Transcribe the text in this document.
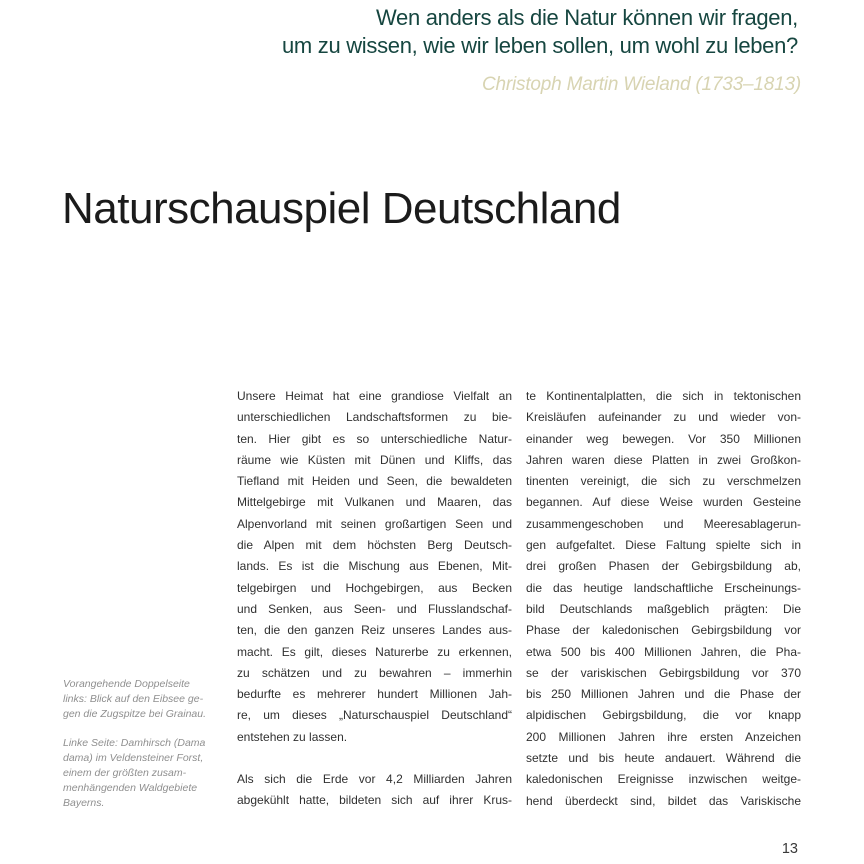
Wen anders als die Natur können wir fragen,
um zu wissen, wie wir leben sollen, um wohl zu leben?
Christoph Martin Wieland (1733–1813)
Naturschauspiel Deutschland
Vorangehende Doppelseite
links: Blick auf den Eibsee ge-
gen die Zugspitze bei Grainau.
Linke Seite: Damhirsch (Dama
dama) im Veldensteiner Forst,
einem der größten zusam-
menhängenden Waldgebiete
Bayerns.
Unsere Heimat hat eine grandiose Vielfalt an
unterschiedlichen Landschaftsformen zu bie-
ten. Hier gibt es so unterschiedliche Natur-
räume wie Küsten mit Dünen und Kliffs, das
Tiefland mit Heiden und Seen, die bewaldeten
Mittelgebirge mit Vulkanen und Maaren, das
Alpenvorland mit seinen großartigen Seen und
die Alpen mit dem höchsten Berg Deutsch-
lands. Es ist die Mischung aus Ebenen, Mit-
telgebirgen und Hochgebirgen, aus Becken
und Senken, aus Seen- und Flusslandschaf-
ten, die den ganzen Reiz unseres Landes aus-
macht. Es gilt, dieses Naturerbe zu erkennen,
zu schätzen und zu bewahren – immerhin
bedurfte es mehrerer hundert Millionen Jah-
re, um dieses „Naturschauspiel Deutschland“
entstehen zu lassen.
Als sich die Erde vor 4,2 Milliarden Jahren
abgekühlt hatte, bildeten sich auf ihrer Krus-
te Kontinentalplatten, die sich in tektonischen
Kreisläufen aufeinander zu und wieder von-
einander weg bewegen. Vor 350 Millionen
Jahren waren diese Platten in zwei Großkon-
tinenten vereinigt, die sich zu verschmelzen
begannen. Auf diese Weise wurden Gesteine
zusammengeschoben und Meeresablagerun-
gen aufgefaltet. Diese Faltung spielte sich in
drei großen Phasen der Gebirgsbildung ab,
die das heutige landschaftliche Erscheinungs-
bild Deutschlands maßgeblich prägten: Die
Phase der kaledonischen Gebirgsbildung vor
etwa 500 bis 400 Millionen Jahren, die Pha-
se der variskischen Gebirgsbildung vor 370
bis 250 Millionen Jahren und die Phase der
alpidischen Gebirgsbildung, die vor knapp
200 Millionen Jahren ihre ersten Anzeichen
setzte und bis heute andauert. Während die
kaledonischen Ereignisse inzwischen weitge-
hend überdeckt sind, bildet das Variskische
13
